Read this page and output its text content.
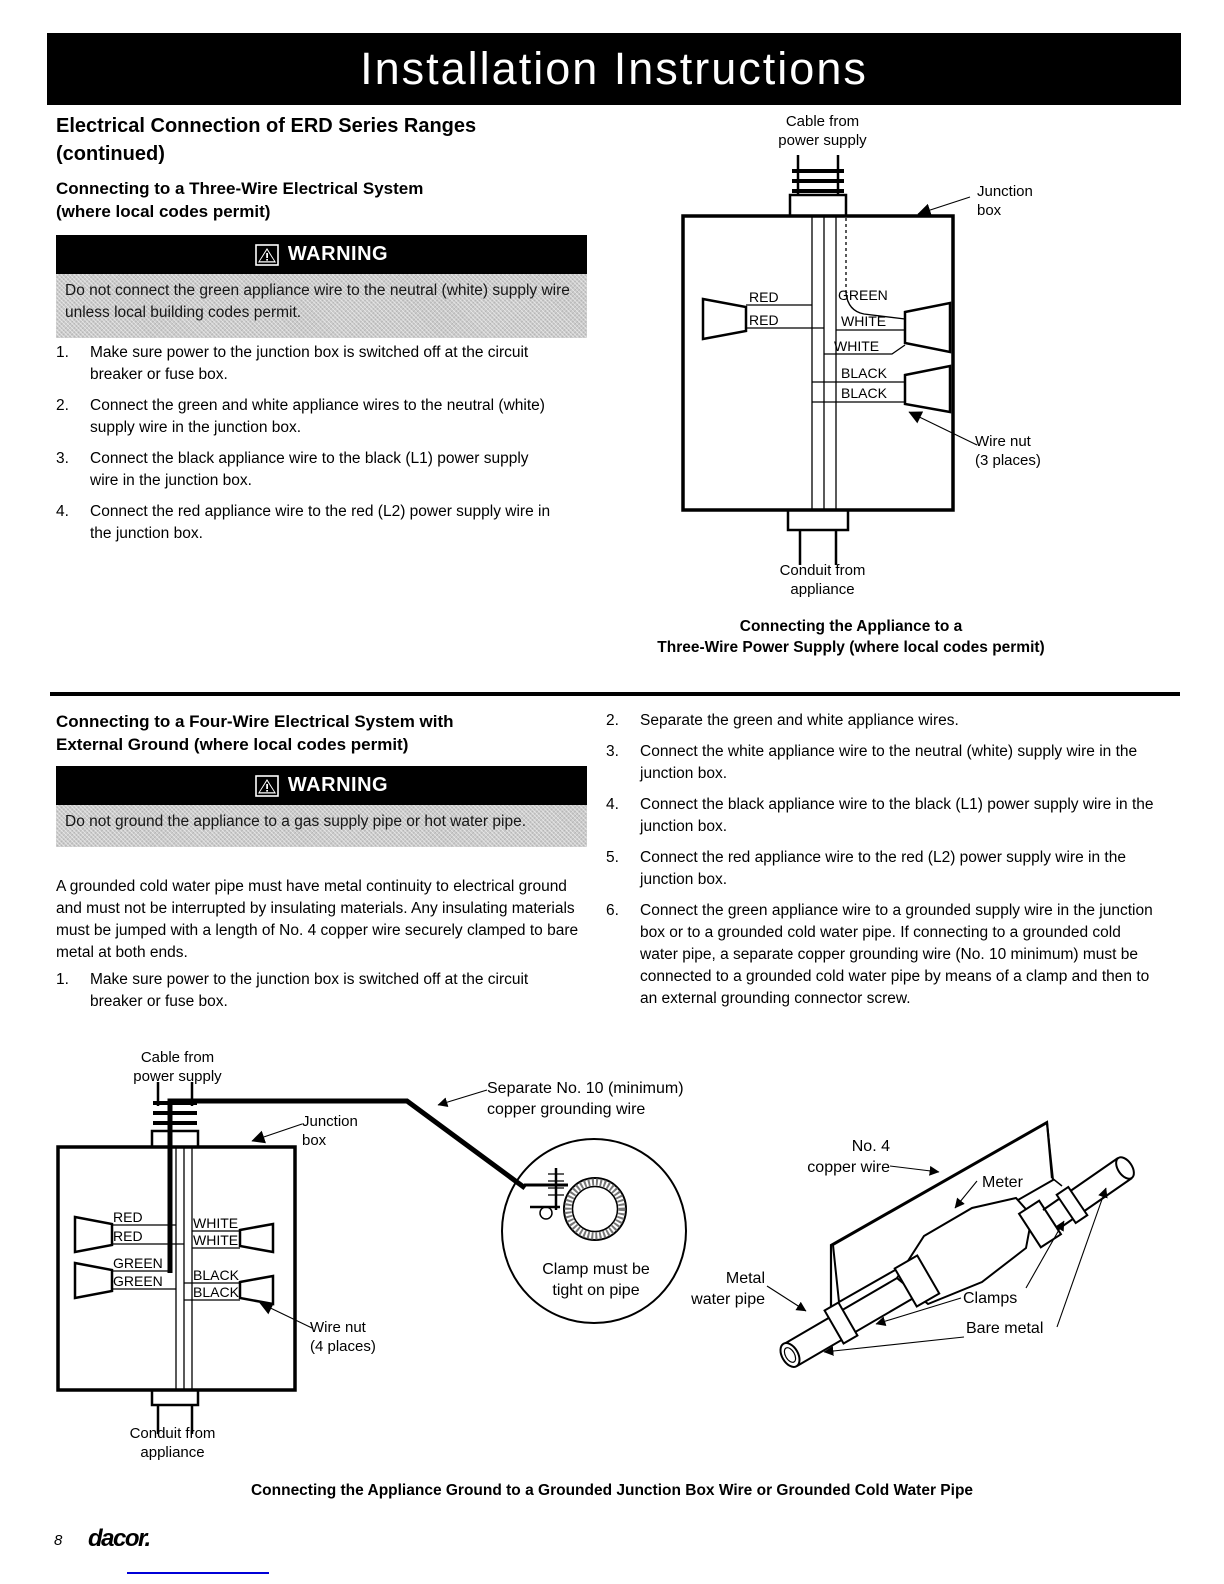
Installation Instructions
Electrical Connection of ERD Series Ranges
(continued)
Connecting to a Three-Wire Electrical System
(where local codes permit)
WARNING
Do not connect the green appliance wire to the neutral (white) supply wire unless local building codes permit.
1. Make sure power to the junction box is switched off at the circuit breaker or fuse box.
2. Connect the green and white appliance wires to the neutral (white) supply wire in the junction box.
3. Connect the black appliance wire to the black (L1) power supply wire in the junction box.
4. Connect the red appliance wire to the red (L2) power supply wire in the junction box.
Cable from
power supply
Junction
box
RED
RED
GREEN
WHITE
WHITE
BLACK
BLACK
Wire nut
(3 places)
Conduit from
appliance
Connecting the Appliance to a
Three-Wire Power Supply (where local codes permit)
Connecting to a Four-Wire Electrical System with
External Ground (where local codes permit)
WARNING
Do not ground the appliance to a gas supply pipe or hot water pipe.
A grounded cold water pipe must have metal continuity to electrical ground and must not be interrupted by insulating materials. Any insulating materials must be jumped with a length of No. 4 copper wire securely clamped to bare metal at both ends.
1. Make sure power to the junction box is switched off at the circuit breaker or fuse box.
2. Separate the green and white appliance wires.
3. Connect the white appliance wire to the neutral (white) supply wire in the junction box.
4. Connect the black appliance wire to the black (L1) power supply wire in the junction box.
5. Connect the red appliance wire to the red (L2) power supply wire in the junction box.
6. Connect the green appliance wire to a grounded supply wire in the junction box or to a grounded cold water pipe. If connecting to a grounded cold water pipe, a separate copper grounding wire (No. 10 minimum) must be connected to a grounded cold water pipe by means of a clamp and then to an external grounding connector screw.
Cable from
power supply
Junction
box
RED
RED
GREEN
GREEN
WHITE
WHITE
BLACK
BLACK
Wire nut
(4 places)
Conduit from
appliance
Separate No. 10 (minimum)
copper grounding wire
Clamp must be
tight on pipe
Metal
water pipe
No. 4
copper wire
Meter
Clamps
Bare metal
Connecting the Appliance Ground to a Grounded Junction Box Wire or Grounded Cold Water Pipe
8 dacor.
